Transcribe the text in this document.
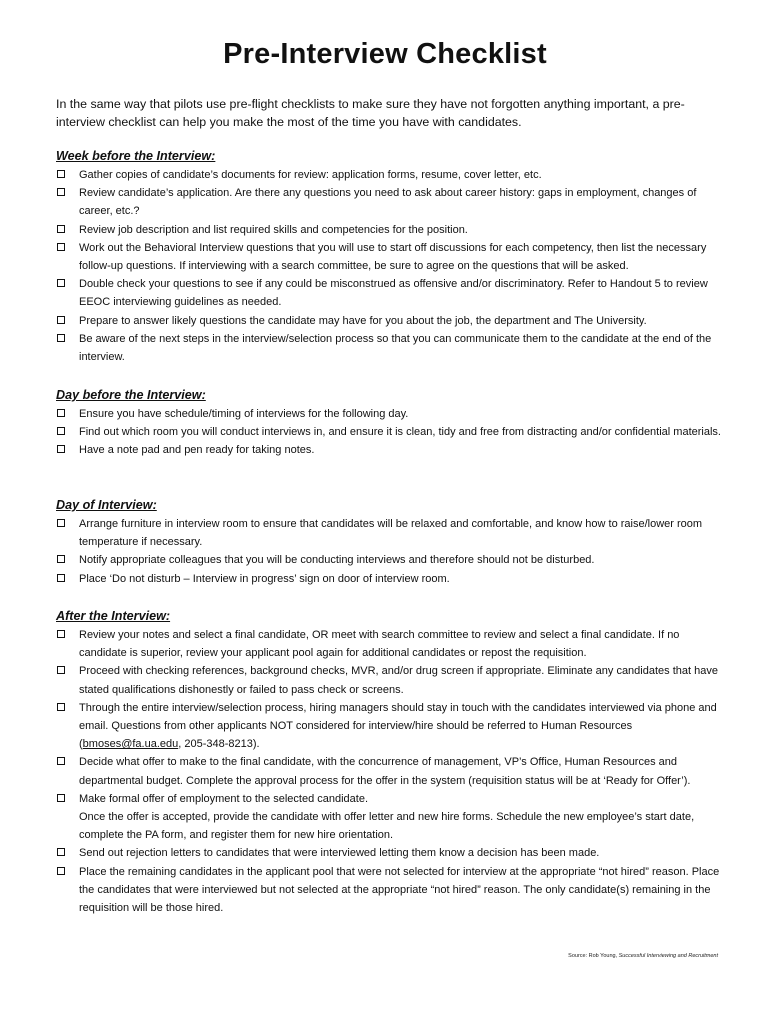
Pre-Interview Checklist
In the same way that pilots use pre-flight checklists to make sure they have not forgotten anything important, a pre-interview checklist can help you make the most of the time you have with candidates.
Week before the Interview:
Gather copies of candidate’s documents for review: application forms, resume, cover letter, etc.
Review candidate’s application. Are there any questions you need to ask about career history: gaps in employment, changes of career, etc.?
Review job description and list required skills and competencies for the position.
Work out the Behavioral Interview questions that you will use to start off discussions for each competency, then list the necessary follow-up questions. If interviewing with a search committee, be sure to agree on the questions that will be asked.
Double check your questions to see if any could be misconstrued as offensive and/or discriminatory. Refer to Handout 5 to review EEOC interviewing guidelines as needed.
Prepare to answer likely questions the candidate may have for you about the job, the department and The University.
Be aware of the next steps in the interview/selection process so that you can communicate them to the candidate at the end of the interview.
Day before the Interview:
Ensure you have schedule/timing of interviews for the following day.
Find out which room you will conduct interviews in, and ensure it is clean, tidy and free from distracting and/or confidential materials.
Have a note pad and pen ready for taking notes.
Day of Interview:
Arrange furniture in interview room to ensure that candidates will be relaxed and comfortable, and know how to raise/lower room temperature if necessary.
Notify appropriate colleagues that you will be conducting interviews and therefore should not be disturbed.
Place ‘Do not disturb – Interview in progress’ sign on door of interview room.
After the Interview:
Review your notes and select a final candidate, OR meet with search committee to review and select a final candidate. If no candidate is superior, review your applicant pool again for additional candidates or repost the requisition.
Proceed with checking references, background checks, MVR, and/or drug screen if appropriate. Eliminate any candidates that have stated qualifications dishonestly or failed to pass check or screens.
Through the entire interview/selection process, hiring managers should stay in touch with the candidates interviewed via phone and email. Questions from other applicants NOT considered for interview/hire should be referred to Human Resources (bmoses@fa.ua.edu, 205-348-8213).
Decide what offer to make to the final candidate, with the concurrence of management, VP’s Office, Human Resources and departmental budget. Complete the approval process for the offer in the system (requisition status will be at ‘Ready for Offer’).
Make formal offer of employment to the selected candidate.
Once the offer is accepted, provide the candidate with offer letter and new hire forms. Schedule the new employee’s start date, complete the PA form, and register them for new hire orientation.
Send out rejection letters to candidates that were interviewed letting them know a decision has been made.
Place the remaining candidates in the applicant pool that were not selected for interview at the appropriate “not hired” reason. Place the candidates that were interviewed but not selected at the appropriate “not hired” reason. The only candidate(s) remaining in the requisition will be those hired.
Source: Rob Young, Successful Interviewing and Recruitment
